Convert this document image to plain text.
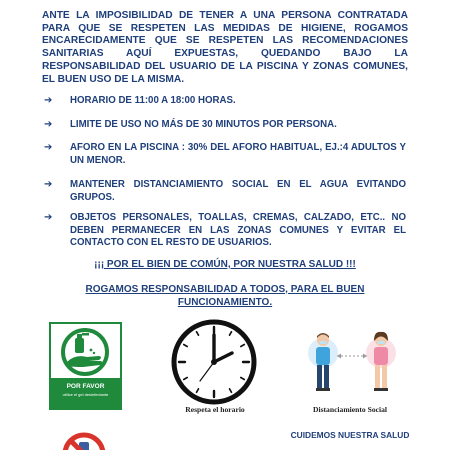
ANTE LA IMPOSIBILIDAD DE TENER A UNA PERSONA CONTRATADA PARA QUE SE RESPETEN LAS MEDIDAS DE HIGIENE, ROGAMOS ENCARECIDAMENTE QUE SE RESPETEN LAS RECOMENDACIONES SANITARIAS AQUÍ EXPUESTAS, QUEDANDO BAJO LA RESPONSABILIDAD DEL USUARIO DE LA PISCINA Y ZONAS COMUNES, EL BUEN USO DE LA MISMA.
➔	HORARIO DE 11:00 A 18:00 HORAS.
➔	LIMITE DE USO NO MÁS DE 30 MINUTOS POR PERSONA.
➔	AFORO EN LA PISCINA : 30% DEL AFORO HABITUAL, EJ.:4 ADULTOS Y UN MENOR.
➔	MANTENER DISTANCIAMIENTO SOCIAL EN EL AGUA EVITANDO GRUPOS.
➔	OBJETOS PERSONALES, TOALLAS, CREMAS, CALZADO, ETC.. NO DEBEN PERMANECER EN LAS ZONAS COMUNES Y EVITAR EL CONTACTO CON EL RESTO DE USUARIOS.
¡¡¡ POR EL BIEN DE COMÚN, POR NUESTRA SALUD !!!
ROGAMOS RESPONSABILIDAD A TODOS, PARA EL BUEN FUNCIONAMIENTO.
POR FAVOR
utilice el gel desinfectante
Respeta el horario	Distanciamiento Social
CUIDEMOS NUESTRA SALUD
